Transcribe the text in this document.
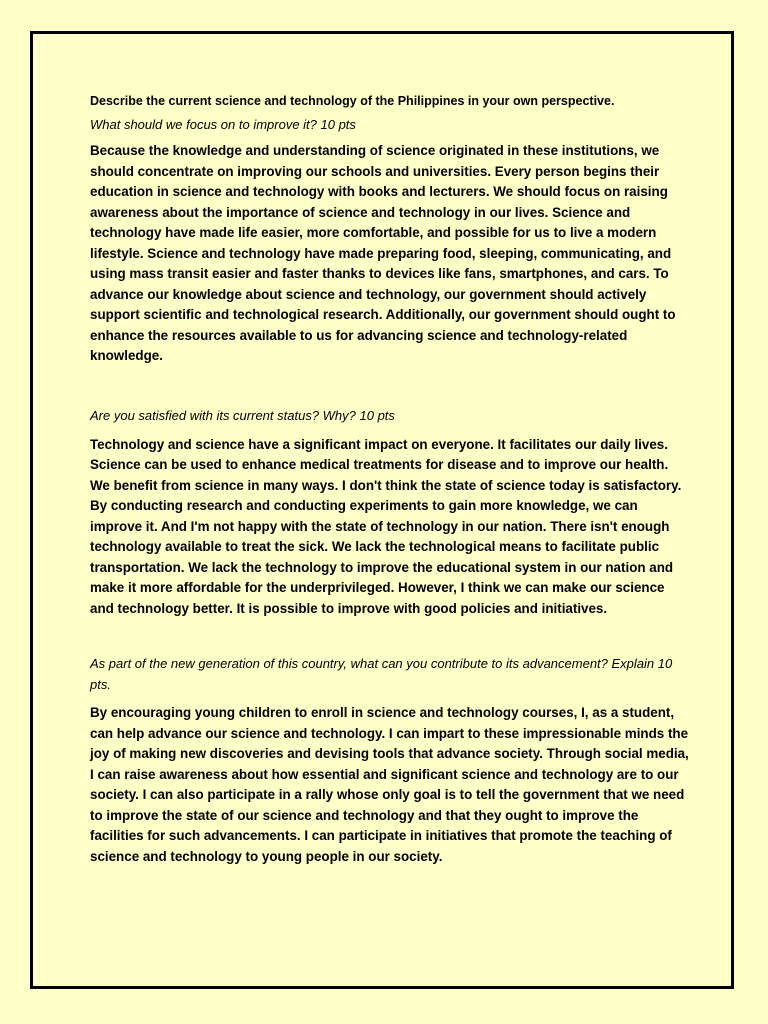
Describe the current science and technology of the Philippines in your own perspective.

What should we focus on to improve it? 10 pts

Because the knowledge and understanding of science originated in these institutions, we should concentrate on improving our schools and universities. Every person begins their education in science and technology with books and lecturers. We should focus on raising awareness about the importance of science and technology in our lives. Science and technology have made life easier, more comfortable, and possible for us to live a modern lifestyle. Science and technology have made preparing food, sleeping, communicating, and using mass transit easier and faster thanks to devices like fans, smartphones, and cars. To advance our knowledge about science and technology, our government should actively support scientific and technological research. Additionally, our government should ought to enhance the resources available to us for advancing science and technology-related knowledge.

Are you satisfied with its current status? Why? 10 pts

Technology and science have a significant impact on everyone. It facilitates our daily lives. Science can be used to enhance medical treatments for disease and to improve our health. We benefit from science in many ways. I don't think the state of science today is satisfactory. By conducting research and conducting experiments to gain more knowledge, we can improve it. And I'm not happy with the state of technology in our nation. There isn't enough technology available to treat the sick. We lack the technological means to facilitate public transportation. We lack the technology to improve the educational system in our nation and make it more affordable for the underprivileged. However, I think we can make our science and technology better. It is possible to improve with good policies and initiatives.

As part of the new generation of this country, what can you contribute to its advancement? Explain 10 pts.

By encouraging young children to enroll in science and technology courses, I, as a student, can help advance our science and technology. I can impart to these impressionable minds the joy of making new discoveries and devising tools that advance society. Through social media, I can raise awareness about how essential and significant science and technology are to our society. I can also participate in a rally whose only goal is to tell the government that we need to improve the state of our science and technology and that they ought to improve the facilities for such advancements. I can participate in initiatives that promote the teaching of science and technology to young people in our society.
